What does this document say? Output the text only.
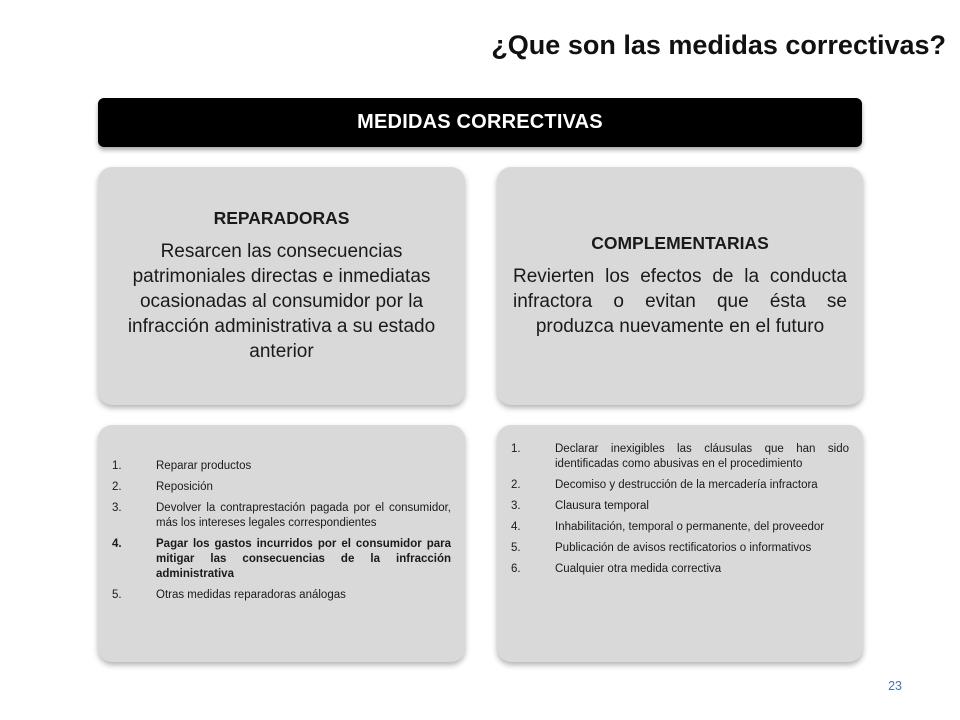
¿Que son las medidas correctivas?
MEDIDAS CORRECTIVAS
REPARADORAS
Resarcen las consecuencias patrimoniales directas e inmediatas ocasionadas al consumidor por la infracción administrativa a su estado anterior
COMPLEMENTARIAS
Revierten los efectos de la conducta infractora o evitan que ésta se produzca nuevamente en el futuro
1.	Reparar productos
2.	Reposición
3.	Devolver la contraprestación pagada por el consumidor, más los intereses legales correspondientes
4.	Pagar los gastos incurridos por el consumidor para mitigar las consecuencias de la infracción administrativa
5.	Otras medidas reparadoras análogas
1.	Declarar inexigibles las cláusulas que han sido identificadas como abusivas en el procedimiento
2.	Decomiso y destrucción de la mercadería infractora
3.	Clausura temporal
4.	Inhabilitación, temporal o permanente, del proveedor
5.	Publicación de avisos rectificatorios o informativos
6.	Cualquier otra medida correctiva
23
